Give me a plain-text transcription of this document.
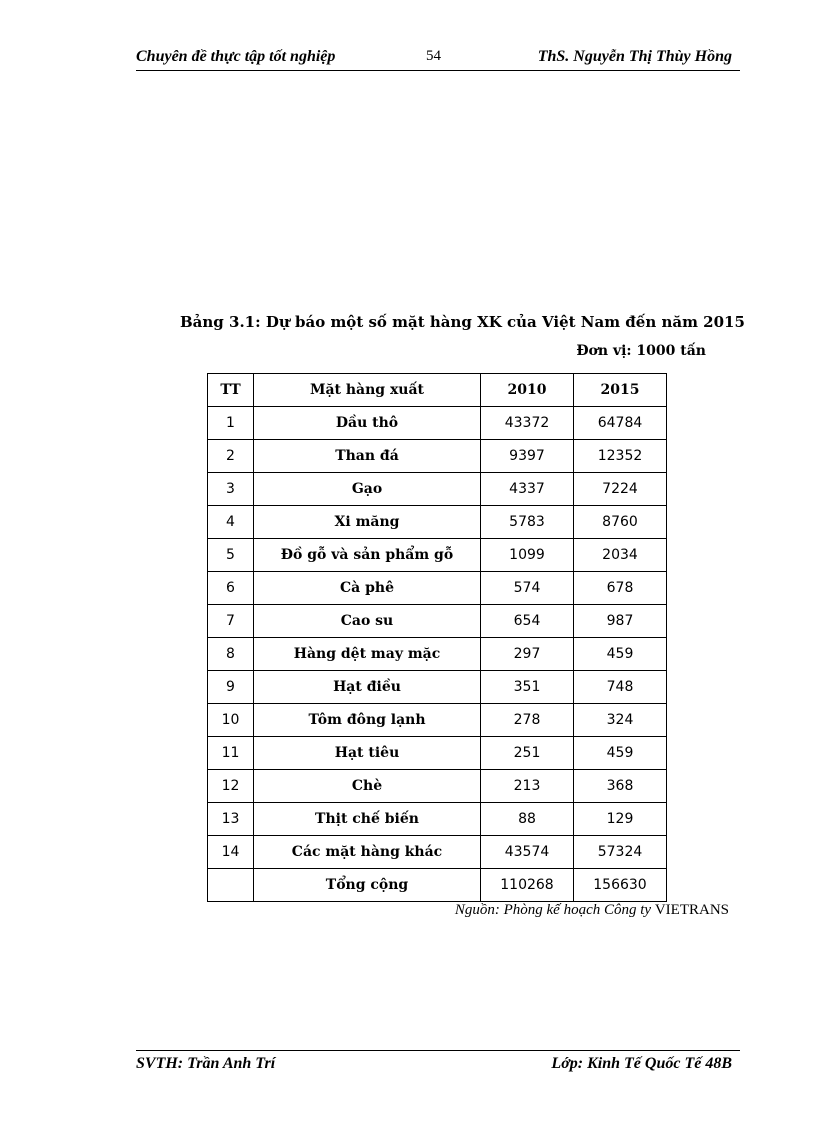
Chuyên đề thực tập tốt nghiệp	54	ThS. Nguyễn Thị Thùy Hồng
Bảng 3.1: Dự báo một số mặt hàng XK của Việt Nam đến năm 2015
Đơn vị: 1000 tấn
TT	Mặt hàng xuất	2010	2015
1	Dầu thô	43372	64784
2	Than đá	9397	12352
3	Gạo	4337	7224
4	Xi măng	5783	8760
5	Đồ gỗ và sản phẩm gỗ	1099	2034
6	Cà phê	574	678
7	Cao su	654	987
8	Hàng dệt may mặc	297	459
9	Hạt điều	351	748
10	Tôm đông lạnh	278	324
11	Hạt tiêu	251	459
12	Chè	213	368
13	Thịt chế biến	88	129
14	Các mặt hàng khác	43574	57324
	Tổng cộng	110268	156630
Nguồn: Phòng kế hoạch Công ty VIETRANS
SVTH: Trần Anh Trí	Lớp: Kinh Tế Quốc Tế 48B
